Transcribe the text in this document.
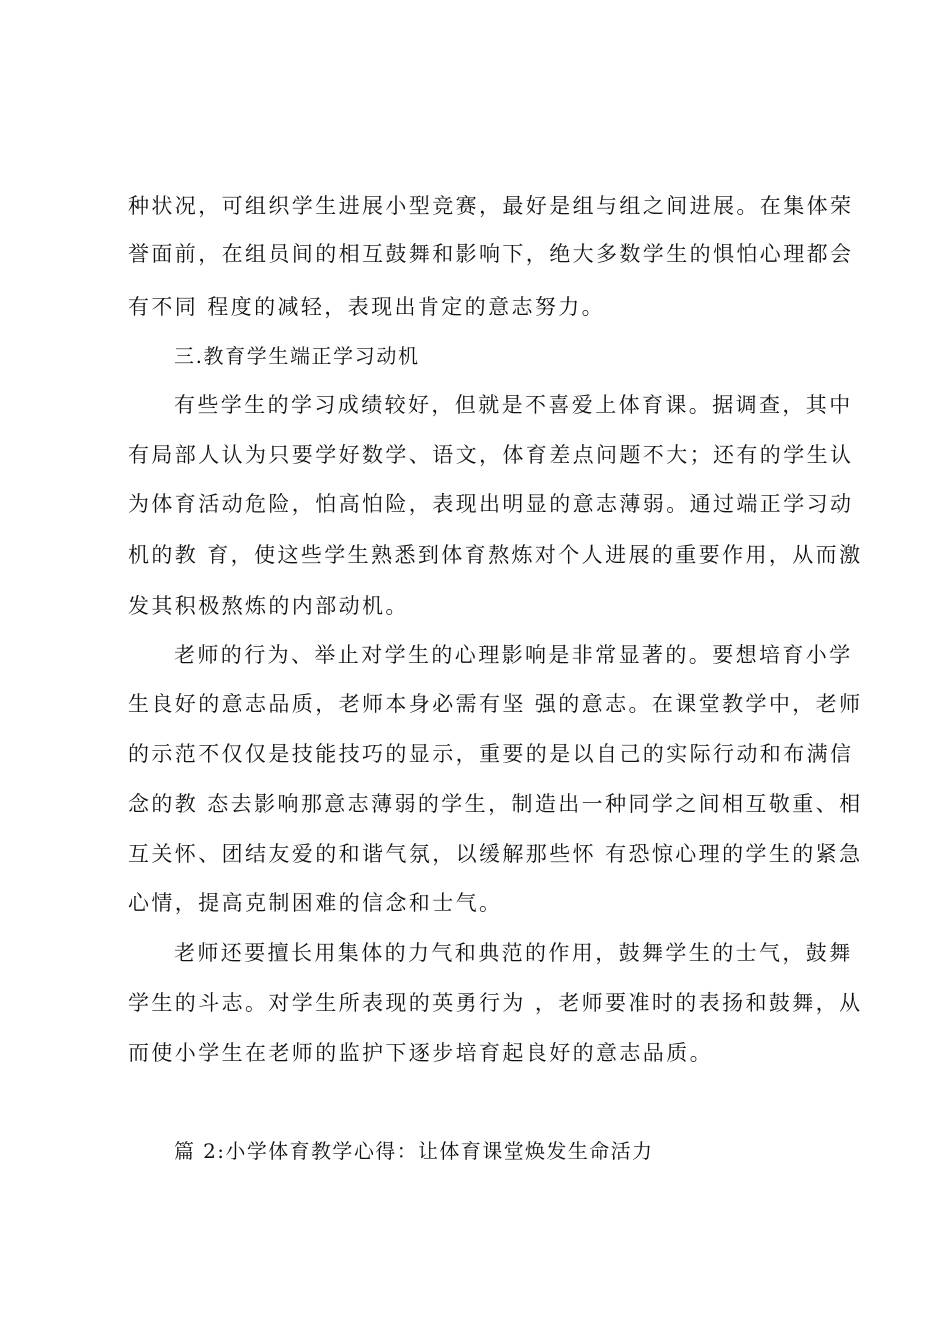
种状况，可组织学生进展小型竞赛，最好是组与组之间进展。在集体荣
誉面前，在组员间的相互鼓舞和影响下，绝大多数学生的惧怕心理都会
有不同 程度的减轻，表现出肯定的意志努力。
三.教育学生端正学习动机
有些学生的学习成绩较好，但就是不喜爱上体育课。据调查，其中
有局部人认为只要学好数学、语文，体育差点问题不大；还有的学生认
为体育活动危险，怕高怕险，表现出明显的意志薄弱。通过端正学习动
机的教 育，使这些学生熟悉到体育熬炼对个人进展的重要作用，从而激
发其积极熬炼的内部动机。
老师的行为、举止对学生的心理影响是非常显著的。要想培育小学
生良好的意志品质，老师本身必需有坚 强的意志。在课堂教学中，老师
的示范不仅仅是技能技巧的显示，重要的是以自己的实际行动和布满信
念的教 态去影响那意志薄弱的学生，制造出一种同学之间相互敬重、相
互关怀、团结友爱的和谐气氛，以缓解那些怀 有恐惊心理的学生的紧急
心情，提高克制困难的信念和士气。
老师还要擅长用集体的力气和典范的作用，鼓舞学生的士气，鼓舞
学生的斗志。对学生所表现的英勇行为 ，老师要准时的表扬和鼓舞，从
而使小学生在老师的监护下逐步培育起良好的意志品质。
篇 2:小学体育教学心得：让体育课堂焕发生命活力
